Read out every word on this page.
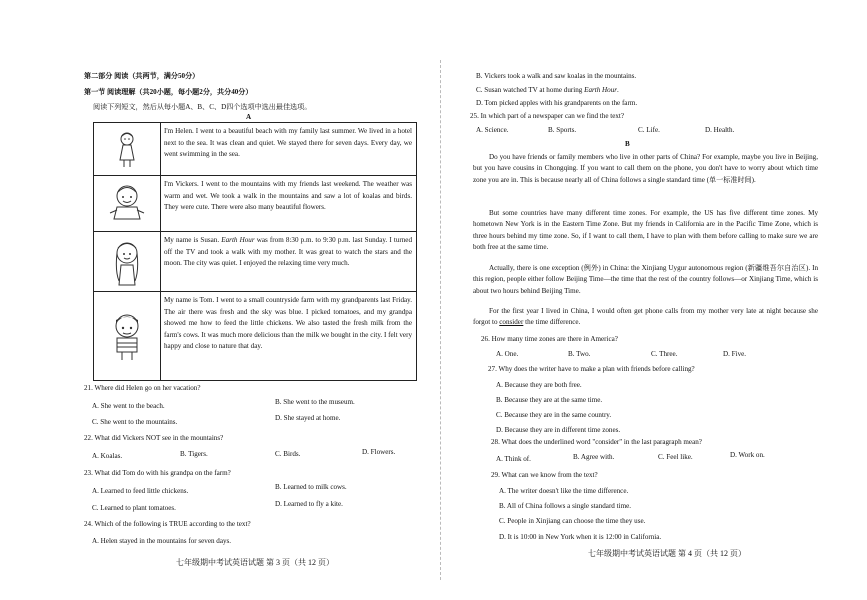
第二部分 阅读（共两节，满分50分）
第一节 阅读理解（共20小题，每小题2分，共分40分）
阅读下列短文，然后从每小题A、B、C、D四个选项中选出最佳选项。
A
I'm Helen. I went to a beautiful beach with my family last summer. We lived in a hotel next to the sea. It was clean and quiet. We stayed there for seven days. Every day, we went swimming in the sea.
I'm Vickers. I went to the mountains with my friends last weekend. The weather was warm and wet. We took a walk in the mountains and saw a lot of koalas and birds. They were cute. There were also many beautiful flowers.
My name is Susan. Earth Hour was from 8:30 p.m. to 9:30 p.m. last Sunday. I turned off the TV and took a walk with my mother. It was great to watch the stars and the moon. The city was quiet. I enjoyed the relaxing time very much.
My name is Tom. I went to a small countryside farm with my grandparents last Friday. The air there was fresh and the sky was blue. I picked tomatoes, and my grandpa showed me how to feed the little chickens. We also tasted the fresh milk from the farm's cows. It was much more delicious than the milk we bought in the city. I felt very happy and close to nature that day.
21. Where did Helen go on her vacation?
A. She went to the beach.	B. She went to the museum.
C. She went to the mountains.	D. She stayed at home.
22. What did Vickers NOT see in the mountains?
A. Koalas.	B. Tigers.	C. Birds.	D. Flowers.
23. What did Tom do with his grandpa on the farm?
A. Learned to feed little chickens.	B. Learned to milk cows.
C. Learned to plant tomatoes.	D. Learned to fly a kite.
24. Which of the following is TRUE according to the text?
A. Helen stayed in the mountains for seven days.
七年级期中考试英语试题 第 3 页（共 12 页）
B. Vickers took a walk and saw koalas in the mountains.
C. Susan watched TV at home during Earth Hour.
D. Tom picked apples with his grandparents on the farm.
25. In which part of a newspaper can we find the text?
A. Science.	B. Sports.	C. Life.	D. Health.
B
Do you have friends or family members who live in other parts of China? For example, maybe you live in Beijing, but you have cousins in Chongqing. If you want to call them on the phone, you don't have to worry about which time zone you are in. This is because nearly all of China follows a single standard time (单一标准时间).
But some countries have many different time zones. For example, the US has five different time zones. My hometown New York is in the Eastern Time Zone. But my friends in California are in the Pacific Time Zone, which is three hours behind my time zone. So, if I want to call them, I have to plan with them before calling to make sure we are both free at the same time.
Actually, there is one exception (例外) in China: the Xinjiang Uygur autonomous region (新疆维吾尔自治区). In this region, people either follow Beijing Time—the time that the rest of the country follows—or Xinjiang Time, which is about two hours behind Beijing Time.
For the first year I lived in China, I would often get phone calls from my mother very late at night because she forgot to consider the time difference.
26. How many time zones are there in America?
A. One.	B. Two.	C. Three.	D. Five.
27. Why does the writer have to make a plan with friends before calling?
A. Because they are both free.
B. Because they are at the same time.
C. Because they are in the same country.
D. Because they are in different time zones.
28. What does the underlined word "consider" in the last paragraph mean?
A. Think of.	B. Agree with.	C. Feel like.	D. Work on.
29. What can we know from the text?
A. The writer doesn't like the time difference.
B. All of China follows a single standard time.
C. People in Xinjiang can choose the time they use.
D. It is 10:00 in New York when it is 12:00 in California.
七年级期中考试英语试题 第 4 页（共 12 页）
